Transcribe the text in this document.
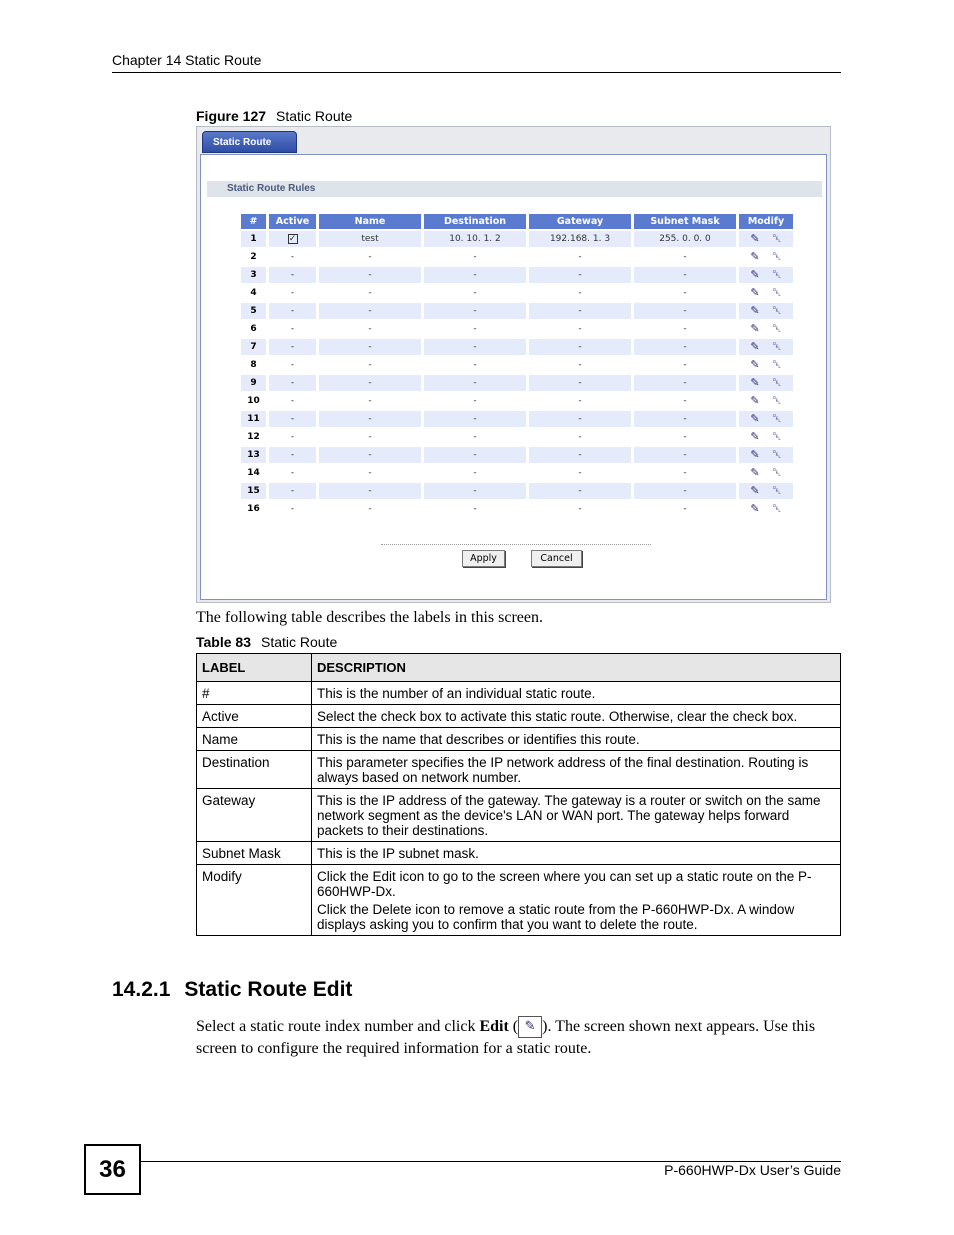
Chapter 14 Static Route
Figure 127 Static Route
Static Route
Static Route Rules
#	Active	Name	Destination	Gateway	Subnet Mask	Modify
1	✓	test	10. 10. 1. 2	192.168. 1. 3	255. 0. 0. 0	✎ ␡
2	-	-	-	-	-	✎ ␡
3	-	-	-	-	-	✎ ␡
4	-	-	-	-	-	✎ ␡
5	-	-	-	-	-	✎ ␡
6	-	-	-	-	-	✎ ␡
7	-	-	-	-	-	✎ ␡
8	-	-	-	-	-	✎ ␡
9	-	-	-	-	-	✎ ␡
10	-	-	-	-	-	✎ ␡
11	-	-	-	-	-	✎ ␡
12	-	-	-	-	-	✎ ␡
13	-	-	-	-	-	✎ ␡
14	-	-	-	-	-	✎ ␡
15	-	-	-	-	-	✎ ␡
16	-	-	-	-	-	✎ ␡
Apply	Cancel
The following table describes the labels in this screen.
Table 83 Static Route
LABEL	DESCRIPTION
#	This is the number of an individual static route.

Active	Select the check box to activate this static route. Otherwise, clear the check box.

Name	This is the name that describes or identifies this route.

Destination	This parameter specifies the IP network address of the final destination. Routing is always based on network number.

Gateway	This is the IP address of the gateway. The gateway is a router or switch on the same network segment as the device's LAN or WAN port. The gateway helps forward packets to their destinations.

Subnet Mask	This is the IP subnet mask.

Modify	Click the Edit icon to go to the screen where you can set up a static route on the P-660HWP-Dx.

Click the Delete icon to remove a static route from the P-660HWP-Dx. A window displays asking you to confirm that you want to delete the route.

14.2.1 Static Route Edit
Select a static route index number and click Edit ( ✎ ). The screen shown next appears. Use this screen to configure the required information for a static route.
36	P-660HWP-Dx User’s Guide
